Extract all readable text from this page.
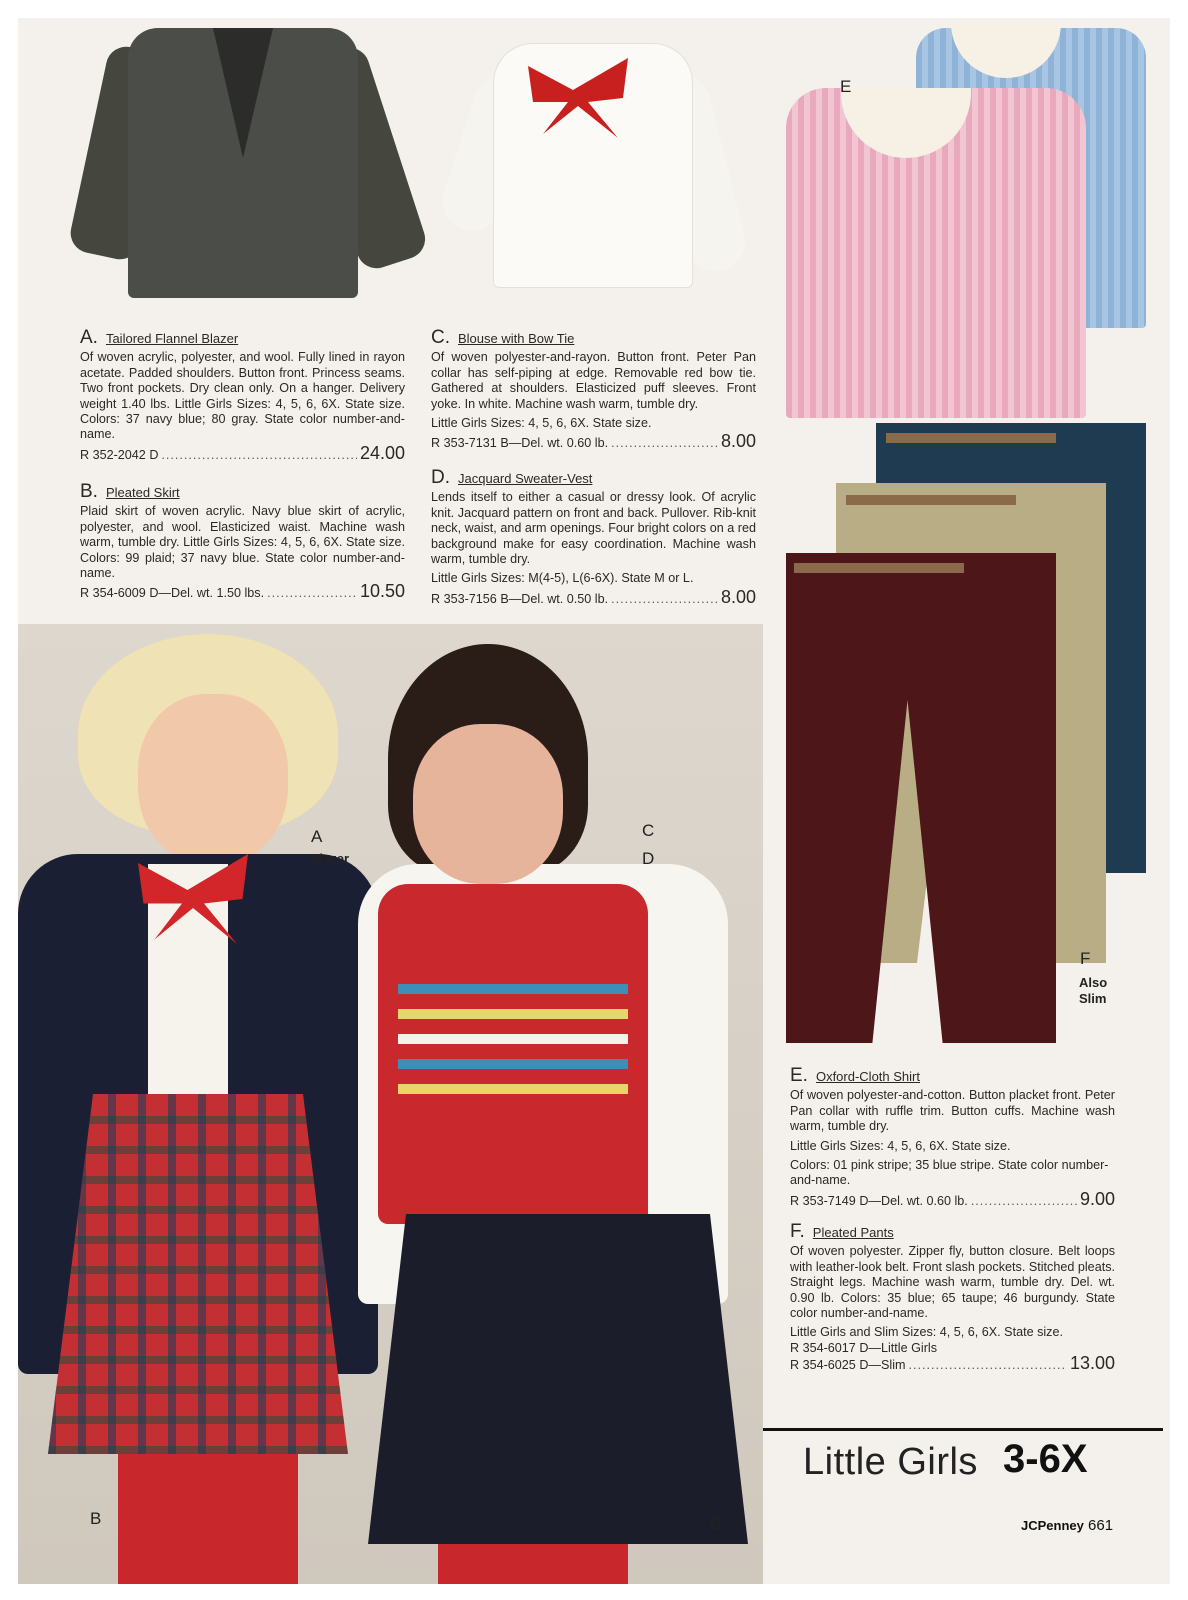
E
A
Blazer
C
D
F
Also
Slim
B	B
A. Tailored Flannel Blazer
Of woven acrylic, polyester, and wool. Fully lined in rayon acetate. Padded shoulders. Button front. Princess seams. Two front pockets. Dry clean only. On a hanger. Delivery weight 1.40 lbs. Little Girls Sizes: 4, 5, 6, 6X. State size. Colors: 37 navy blue; 80 gray. State color number-and-name.
R 352-2042 D .....	24.00
B. Pleated Skirt
Plaid skirt of woven acrylic. Navy blue skirt of acrylic, polyester, and wool. Elasticized waist. Machine wash warm, tumble dry. Little Girls Sizes: 4, 5, 6, 6X. State size. Colors: 99 plaid; 37 navy blue. State color number-and-name.
R 354-6009 D—Del. wt. 1.50 lbs. .....	10.50
C. Blouse with Bow Tie
Of woven polyester-and-rayon. Button front. Peter Pan collar has self-piping at edge. Removable red bow tie. Gathered at shoulders. Elasticized puff sleeves. Front yoke. In white. Machine wash warm, tumble dry.
Little Girls Sizes: 4, 5, 6, 6X. State size.
R 353-7131 B—Del. wt. 0.60 lb. .....	8.00
D. Jacquard Sweater-Vest
Lends itself to either a casual or dressy look. Of acrylic knit. Jacquard pattern on front and back. Pullover. Rib-knit neck, waist, and arm openings. Four bright colors on a red background make for easy coordination. Machine wash warm, tumble dry.
Little Girls Sizes: M(4-5), L(6-6X). State M or L.
R 353-7156 B—Del. wt. 0.50 lb. .....	8.00
E. Oxford-Cloth Shirt
Of woven polyester-and-cotton. Button placket front. Peter Pan collar with ruffle trim. Button cuffs. Machine wash warm, tumble dry.
Little Girls Sizes: 4, 5, 6, 6X. State size.
Colors: 01 pink stripe; 35 blue stripe. State color number-and-name.
R 353-7149 D—Del. wt. 0.60 lb. .....	9.00
F. Pleated Pants
Of woven polyester. Zipper fly, button closure. Belt loops with leather-look belt. Front slash pockets. Stitched pleats. Straight legs. Machine wash warm, tumble dry. Del. wt. 0.90 lb. Colors: 35 blue; 65 taupe; 46 burgundy. State color number-and-name.
Little Girls and Slim Sizes: 4, 5, 6, 6X. State size.
R 354-6017 D—Little Girls
R 354-6025 D—Slim .....	13.00
Little Girls 3-6X
JCPenney 661
